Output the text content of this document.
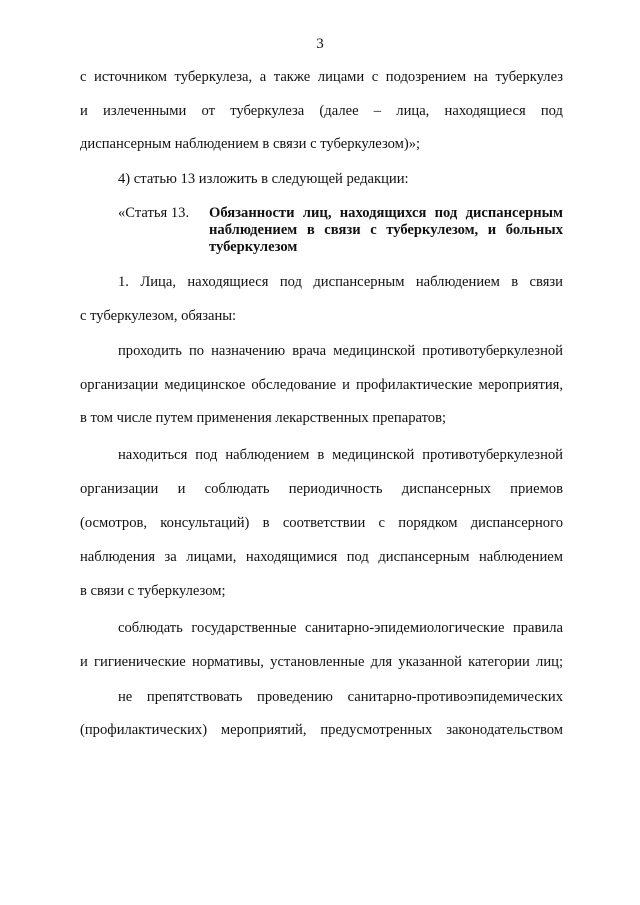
3
с источником туберкулеза, а также лицами с подозрением на туберкулез
и излеченными от туберкулеза (далее – лица, находящиеся под
диспансерным наблюдением в связи с туберкулезом)»;
4) статью 13 изложить в следующей редакции:
«Статья 13. Обязанности лиц, находящихся под диспансерным
наблюдением в связи с туберкулезом, и больных
туберкулезом
1. Лица, находящиеся под диспансерным наблюдением в связи
с туберкулезом, обязаны:
проходить по назначению врача медицинской противотуберкулезной
организации медицинское обследование и профилактические мероприятия,
в том числе путем применения лекарственных препаратов;
находиться под наблюдением в медицинской противотуберкулезной
организации и соблюдать периодичность диспансерных приемов
(осмотров, консультаций) в соответствии с порядком диспансерного
наблюдения за лицами, находящимися под диспансерным наблюдением
в связи с туберкулезом;
соблюдать государственные санитарно-эпидемиологические правила
и гигиенические нормативы, установленные для указанной категории лиц;
не препятствовать проведению санитарно-противоэпидемических
(профилактических) мероприятий, предусмотренных законодательством
